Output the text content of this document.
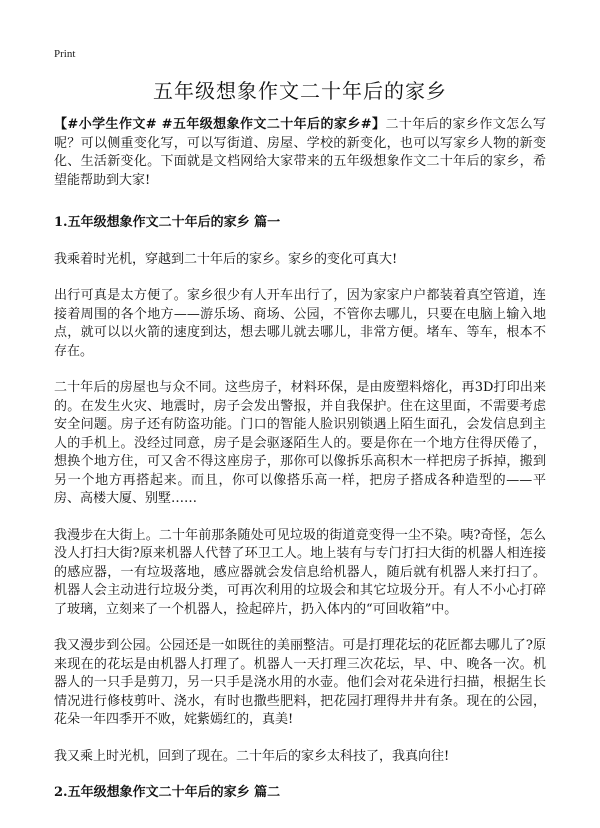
Print
五年级想象作文二十年后的家乡

【#小学生作文# #五年级想象作文二十年后的家乡#】二十年后的家乡作文怎么写呢？可以侧重变化写，可以写街道、房屋、学校的新变化，也可以写家乡人物的新变化、生活新变化。下面就是文档网给大家带来的五年级想象作文二十年后的家乡，希望能帮助到大家!

1.五年级想象作文二十年后的家乡 篇一

我乘着时光机，穿越到二十年后的家乡。家乡的变化可真大!

出行可真是太方便了。家乡很少有人开车出行了，因为家家户户都装着真空管道，连接着周围的各个地方——游乐场、商场、公园，不管你去哪儿，只要在电脑上输入地点，就可以以火箭的速度到达，想去哪儿就去哪儿，非常方便。堵车、等车，根本不存在。

二十年后的房屋也与众不同。这些房子，材料环保，是由废塑料熔化，再3D打印出来的。在发生火灾、地震时，房子会发出警报，并自我保护。住在这里面，不需要考虑安全问题。房子还有防盗功能。门口的智能人脸识别锁遇上陌生面孔，会发信息到主人的手机上。没经过同意，房子是会驱逐陌生人的。要是你在一个地方住得厌倦了，想换个地方住，可又舍不得这座房子，那你可以像拆乐高积木一样把房子拆掉，搬到另一个地方再搭起来。而且，你可以像搭乐高一样，把房子搭成各种造型的——平房、高楼大厦、别墅……

我漫步在大街上。二十年前那条随处可见垃圾的街道竟变得一尘不染。咦?奇怪，怎么没人打扫大街?原来机器人代替了环卫工人。地上装有与专门打扫大街的机器人相连接的感应器，一有垃圾落地，感应器就会发信息给机器人，随后就有机器人来打扫了。机器人会主动进行垃圾分类，可再次利用的垃圾会和其它垃圾分开。有人不小心打碎了玻璃，立刻来了一个机器人，捡起碎片，扔入体内的“可回收箱”中。

我又漫步到公园。公园还是一如既往的美丽整洁。可是打理花坛的花匠都去哪儿了?原来现在的花坛是由机器人打理了。机器人一天打理三次花坛，早、中、晚各一次。机器人的一只手是剪刀，另一只手是浇水用的水壶。他们会对花朵进行扫描，根据生长情况进行修枝剪叶、浇水，有时也撒些肥料，把花园打理得井井有条。现在的公园，花朵一年四季开不败，姹紫嫣红的，真美!

我又乘上时光机，回到了现在。二十年后的家乡太科技了，我真向往!

2.五年级想象作文二十年后的家乡 篇二
